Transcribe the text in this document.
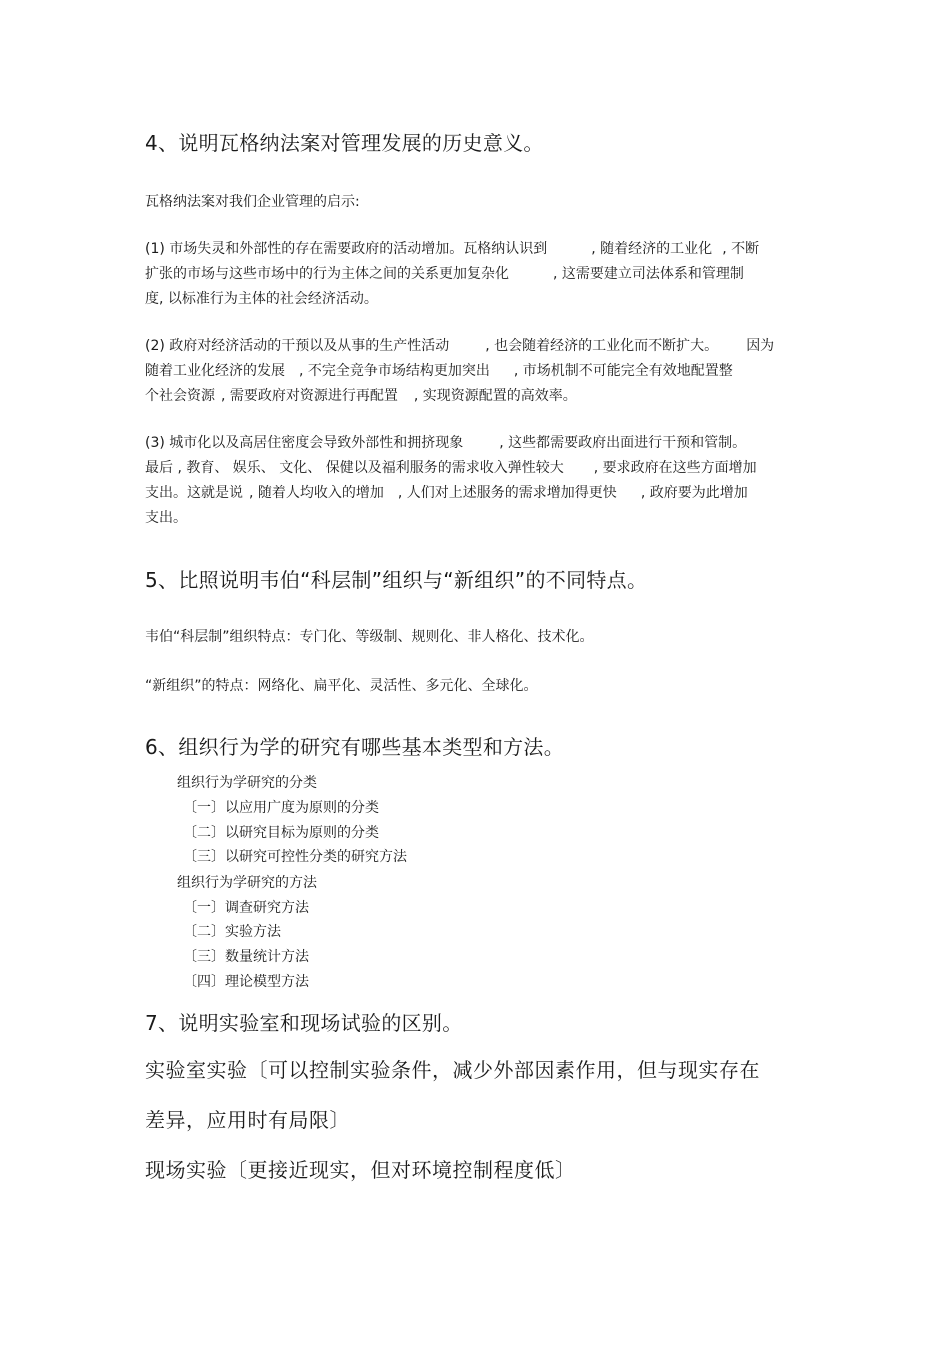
4、说明瓦格纳法案对管理发展的历史意义。
瓦格纳法案对我们企业管理的启示:
(1) 市场失灵和外部性的存在需要政府的活动增加。瓦格纳认识到	, 随着经济的工业化 , 不断
扩张的市场与这些市场中的行为主体之间的关系更加复杂化	, 这需要建立司法体系和管理制
度, 以标准行为主体的社会经济活动。
(2) 政府对经济活动的干预以及从事的生产性活动	, 也会随着经济的工业化而不断扩大。 因为
随着工业化经济的发展 , 不完全竞争市场结构更加突出 , 市场机制不可能完全有效地配置整
个社会资源 , 需要政府对资源进行再配置 , 实现资源配置的高效率。
(3) 城市化以及高居住密度会导致外部性和拥挤现象	, 这些都需要政府出面进行干预和管制。
最后 , 教育、 娱乐、 文化、 保健以及福利服务的需求收入弹性较大 , 要求政府在这些方面增加
支出。这就是说 , 随着人均收入的增加 , 人们对上述服务的需求增加得更快 , 政府要为此增加
支出。
5、比照说明韦伯“科层制”组织与“新组织”的不同特点。
韦伯“科层制”组织特点：专门化、等级制、规则化、非人格化、技术化。
“新组织”的特点：网络化、扁平化、灵活性、多元化、全球化。
6、组织行为学的研究有哪些基本类型和方法。
组织行为学研究的分类
〔一〕以应用广度为原则的分类
〔二〕以研究目标为原则的分类
〔三〕以研究可控性分类的研究方法
组织行为学研究的方法
〔一〕调查研究方法
〔二〕实验方法
〔三〕数量统计方法
〔四〕理论模型方法
7、说明实验室和现场试验的区别。
实验室实验〔可以控制实验条件，减少外部因素作用，但与现实存在
差异，应用时有局限〕
现场实验〔更接近现实，但对环境控制程度低〕
